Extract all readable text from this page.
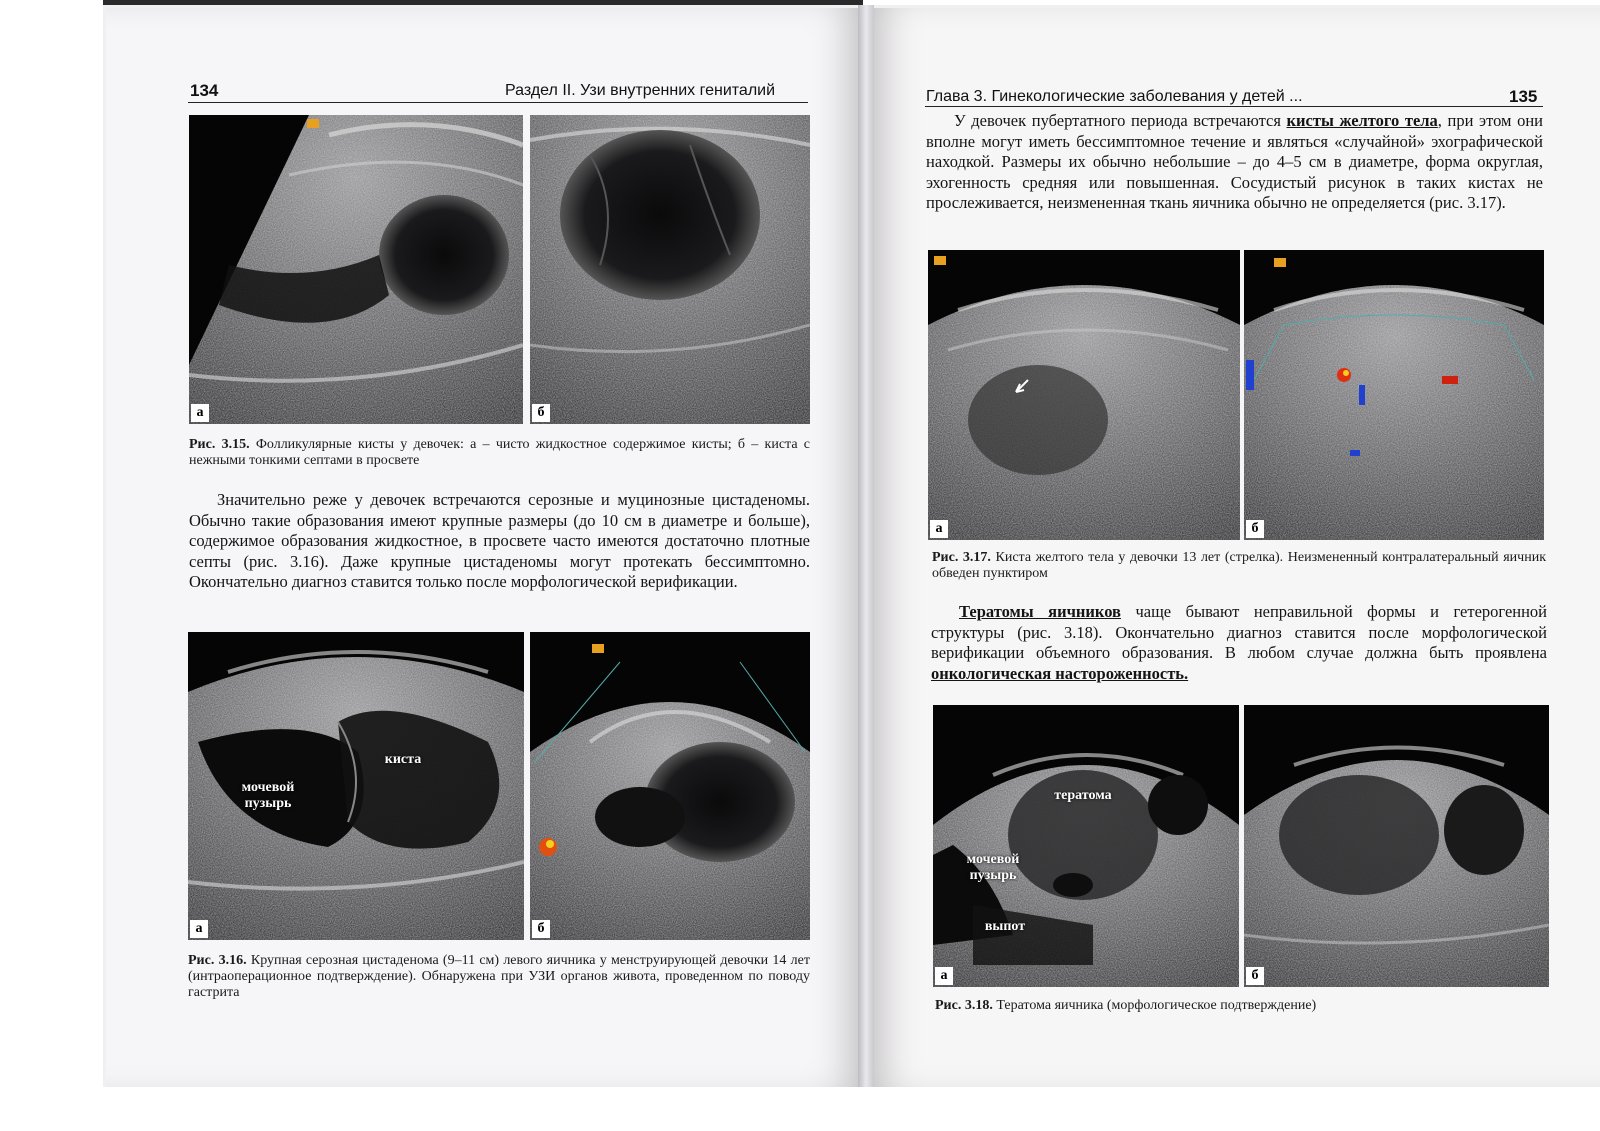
134	Раздел II. Узи внутренних гениталий
а	б
Рис. 3.15. Фолликулярные кисты у девочек: а – чисто жидкостное содержимое кисты; б – киста с нежными тонкими септами в просвете
Значительно реже у девочек встречаются серозные и муцинозные цистаденомы. Обычно такие образования имеют крупные размеры (до 10 см в диаметре и больше), содержимое образования жидкостное, в просвете часто имеются достаточно плотные септы (рис. 3.16). Даже крупные цистаденомы могут протекать бессимптомно. Окончательно диагноз ставится только после морфологической верификации.
мочевой пузырь
киста
а	б
Рис. 3.16. Крупная серозная цистаденома (9–11 см) левого яичника у менструирующей девочки 14 лет (интраоперационное подтверждение). Обнаружена при УЗИ органов живота, проведенном по поводу гастрита
Глава 3. Гинекологические заболевания у детей ...	135
У девочек пубертатного периода встречаются кисты желтого тела, при этом они вполне могут иметь бессимптомное течение и являться «случайной» эхографической находкой. Размеры их обычно небольшие – до 4–5 см в диаметре, форма округлая, эхогенность средняя или повышенная. Сосудистый рисунок в таких кистах не прослеживается, неизмененная ткань яичника обычно не определяется (рис. 3.17).
а	б
Рис. 3.17. Киста желтого тела у девочки 13 лет (стрелка). Неизмененный контралатеральный яичник обведен пунктиром
Тератомы яичников чаще бывают неправильной формы и гетерогенной структуры (рис. 3.18). Окончательно диагноз ставится после морфологической верификации объемного образования. В любом случае должна быть проявлена онкологическая настороженность.
тератома
мочевой пузырь
выпот
а	б
Рис. 3.18. Тератома яичника (морфологическое подтверждение)
